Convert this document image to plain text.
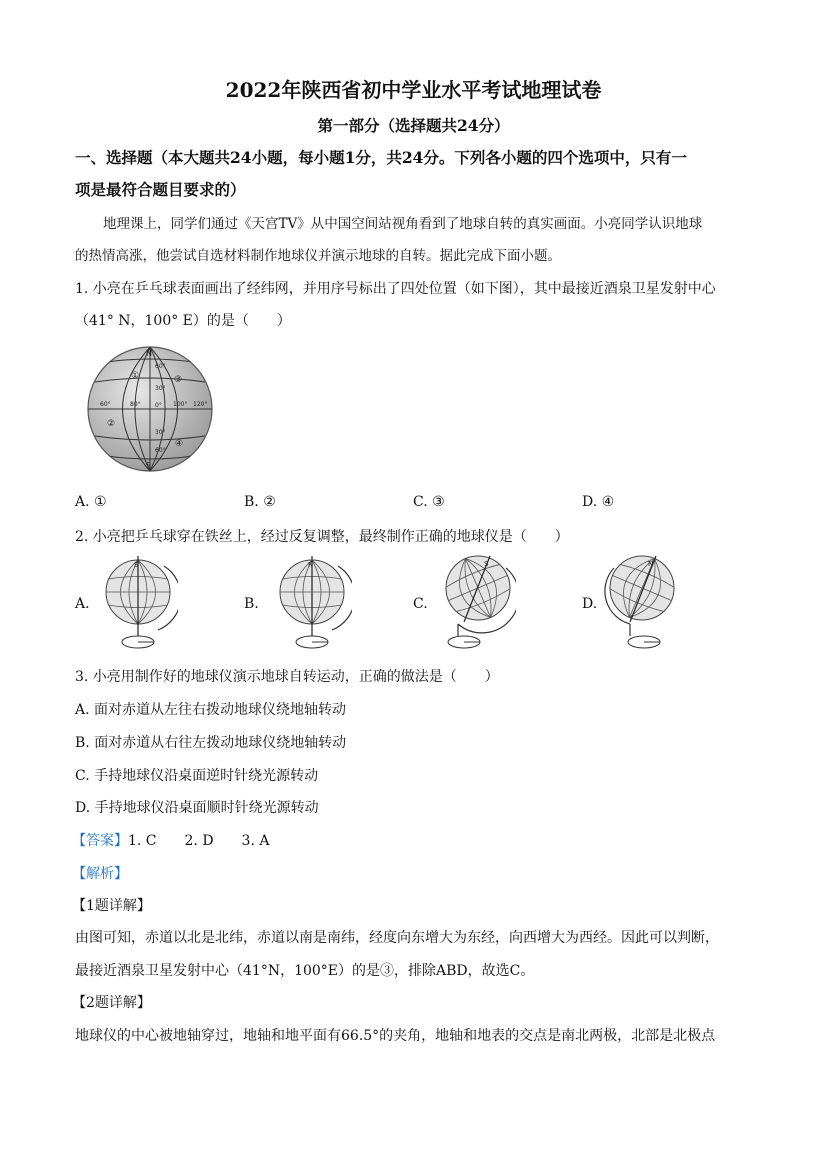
2022年陕西省初中学业水平考试地理试卷
第一部分（选择题共24分）
一、选择题（本大题共24小题，每小题1分，共24分。下列各小题的四个选项中，只有一
项是最符合题目要求的）
地理课上，同学们通过《天宫TV》从中国空间站视角看到了地球自转的真实画面。小亮同学认识地球
的热情高涨，他尝试自选材料制作地球仪并演示地球的自转。据此完成下面小题。
1. 小亮在乒乓球表面画出了经纬网，并用序号标出了四处位置（如下图），其中最接近酒泉卫星发射中心
（41° N，100° E）的是（　　）
N
S
①
②
③
④
60°
30°
0°
30°
60°
60°	80°	100° 120°
A. ①	B. ②	C. ③	D. ④
2. 小亮把乒乓球穿在铁丝上，经过反复调整，最终制作正确的地球仪是（　　）
A.
S
B.
N
C.
S
D.
N
3. 小亮用制作好的地球仪演示地球自转运动，正确的做法是（　　）
A. 面对赤道从左往右拨动地球仪绕地轴转动
B. 面对赤道从右往左拨动地球仪绕地轴转动
C. 手持地球仪沿桌面逆时针绕光源转动
D. 手持地球仪沿桌面顺时针绕光源转动
【答案】1. C　　2. D　　3. A
【解析】
【1题详解】
由图可知，赤道以北是北纬，赤道以南是南纬，经度向东增大为东经，向西增大为西经。因此可以判断，
最接近酒泉卫星发射中心（41°N，100°E）的是③，排除ABD，故选C。
【2题详解】
地球仪的中心被地轴穿过，地轴和地平面有66.5°的夹角，地轴和地表的交点是南北两极，北部是北极点
